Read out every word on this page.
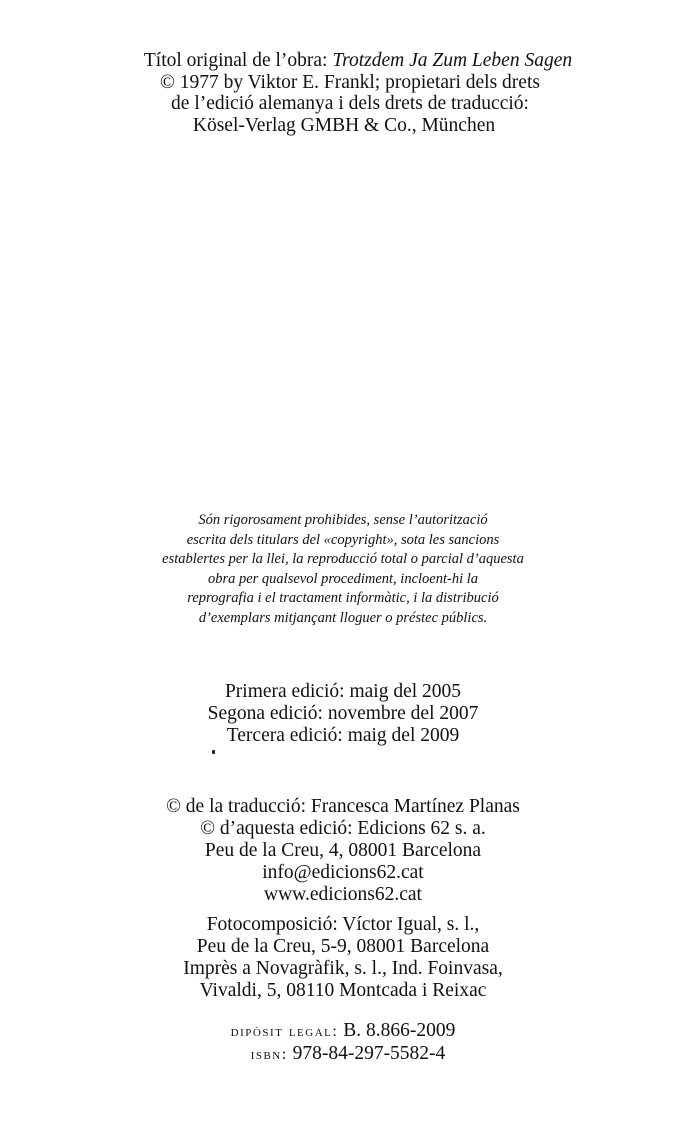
Títol original de l’obra: Trotzdem Ja Zum Leben Sagen
© 1977 by Viktor E. Frankl; propietari dels drets
de l’edició alemanya i dels drets de traducció:
Kösel-Verlag GMBH & Co., München
Són rigorosament prohibides, sense l’autorització
escrita dels titulars del «copyright», sota les sancions
establertes per la llei, la reproducció total o parcial d’aquesta
obra per qualsevol procediment, incloent-hi la
reprografia i el tractament informàtic, i la distribució
d’exemplars mitjançant lloguer o préstec públics.
Primera edició: maig del 2005
Segona edició: novembre del 2007
Tercera edició: maig del 2009
© de la traducció: Francesca Martínez Planas
© d’aquesta edició: Edicions 62 s. a.
Peu de la Creu, 4, 08001 Barcelona
info@edicions62.cat
www.edicions62.cat
Fotocomposició: Víctor Igual, s. l.,
Peu de la Creu, 5-9, 08001 Barcelona
Imprès a Novagràfik, s. l., Ind. Foinvasa,
Vivaldi, 5, 08110 Montcada i Reixac
dipòsit legal: B. 8.866-2009
isbn: 978-84-297-5582-4
